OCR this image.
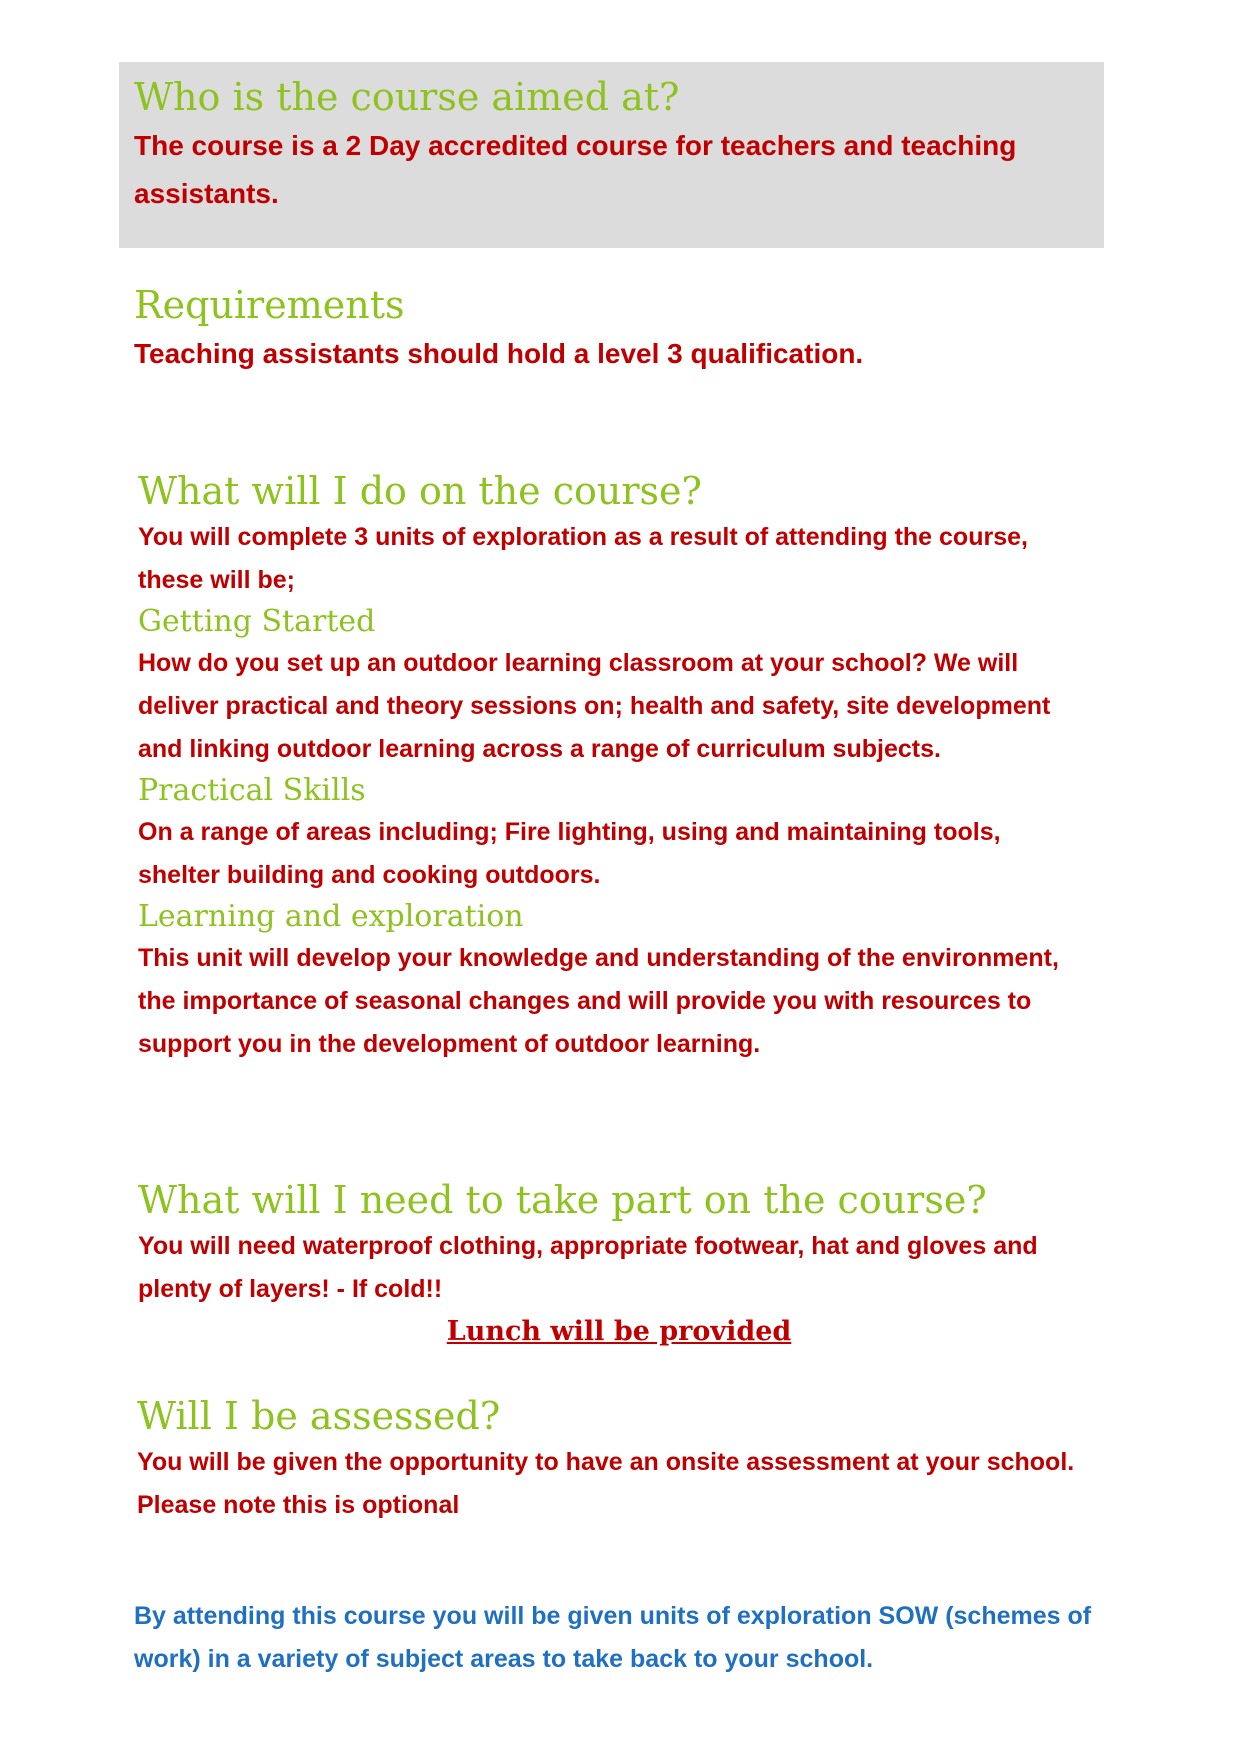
Who is the course aimed at?

The course is a 2 Day accredited course for teachers and teaching assistants.

Requirements

Teaching assistants should hold a level 3 qualification.

What will I do on the course?

You will complete 3 units of exploration as a result of attending the course, these will be;

Getting Started

How do you set up an outdoor learning classroom at your school? We will deliver practical and theory sessions on; health and safety, site development and linking outdoor learning across a range of curriculum subjects.

Practical Skills

On a range of areas including; Fire lighting, using and maintaining tools, shelter building and cooking outdoors.

Learning and exploration

This unit will develop your knowledge and understanding of the environment, the importance of seasonal changes and will provide you with resources to support you in the development of outdoor learning.

What will I need to take part on the course?

You will need waterproof clothing, appropriate footwear, hat and gloves and plenty of layers! - If cold!!

Lunch will be provided

Will I be assessed?

You will be given the opportunity to have an onsite assessment at your school. Please note this is optional

By attending this course you will be given units of exploration SOW (schemes of work) in a variety of subject areas to take back to your school.
